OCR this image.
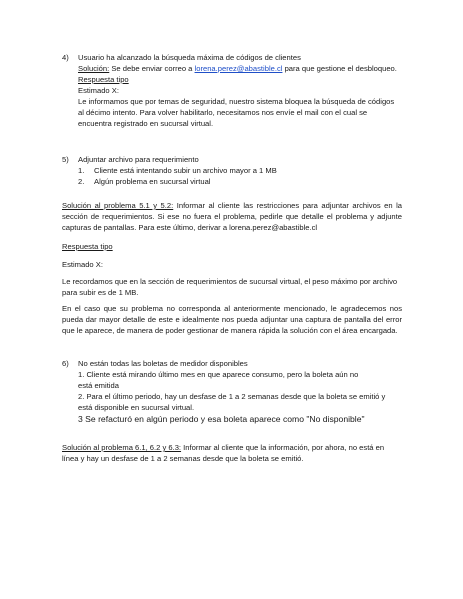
4)	Usuario ha alcanzado la búsqueda máxima de códigos de clientes
Solución: Se debe enviar correo a lorena.perez@abastible.cl para que gestione el desbloqueo.
Respuesta tipo
Estimado X:
Le informamos que por temas de seguridad, nuestro sistema bloquea la búsqueda de códigos al décimo intento. Para volver habilitarlo, necesitamos nos envíe el mail con el cual se encuentra registrado en sucursal virtual.
5)	Adjuntar archivo para requerimiento
1.	Cliente está intentando subir un archivo mayor a 1 MB
2.	Algún problema en sucursal virtual
Solución al problema 5.1 y 5.2: Informar al cliente las restricciones para adjuntar archivos en la sección de requerimientos. Si ese no fuera el problema, pedirle que detalle el problema y adjunte capturas de pantallas. Para este último, derivar a lorena.perez@abastible.cl
Respuesta tipo
Estimado X:
Le recordamos que en la sección de requerimientos de sucursal virtual, el peso máximo por archivo para subir es de 1 MB.
En el caso que su problema no corresponda al anteriormente mencionado, le agradecemos nos pueda dar mayor detalle de este e idealmente nos pueda adjuntar una captura de pantalla del error que le aparece, de manera de poder gestionar de manera rápida la solución con el área encargada.
6)	No están todas las boletas de medidor disponibles
1. Cliente está mirando último mes en que aparece consumo, pero la boleta aún no está emitida
2. Para el último periodo, hay un desfase de 1 a 2 semanas desde que la boleta se emitió y está disponible en sucursal virtual.
3 Se refacturó en algún periodo y esa boleta aparece como "No disponible"
Solución al problema 6.1, 6.2 y 6.3: Informar al cliente que la información, por ahora, no está en línea y hay un desfase de 1 a 2 semanas desde que la boleta se emitió.
